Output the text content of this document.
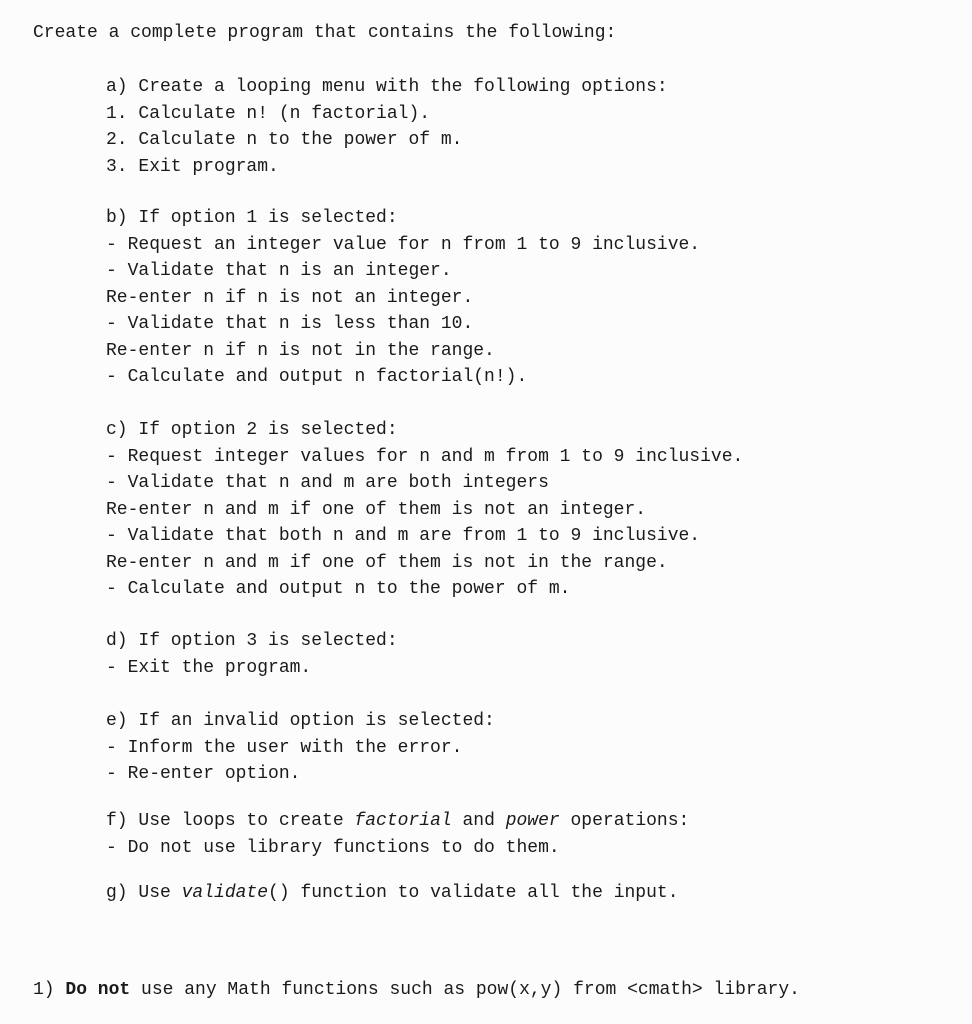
Create a complete program that contains the following:
a) Create a looping menu with the following options:
1. Calculate n! (n factorial).
2. Calculate n to the power of m.
3. Exit program.
b) If option 1 is selected:
- Request an integer value for n from 1 to 9 inclusive.
- Validate that n is an integer.
Re-enter n if n is not an integer.
- Validate that n is less than 10.
Re-enter n if n is not in the range.
- Calculate and output n factorial(n!).
c) If option 2 is selected:
- Request integer values for n and m from 1 to 9 inclusive.
- Validate that n and m are both integers
Re-enter n and m if one of them is not an integer.
- Validate that both n and m are from 1 to 9 inclusive.
Re-enter n and m if one of them is not in the range.
- Calculate and output n to the power of m.
d) If option 3 is selected:
- Exit the program.
e) If an invalid option is selected:
- Inform the user with the error.
- Re-enter option.
f) Use loops to create factorial and power operations:
- Do not use library functions to do them.
g) Use validate() function to validate all the input.
1) Do not use any Math functions such as pow(x,y) from <cmath> library.
